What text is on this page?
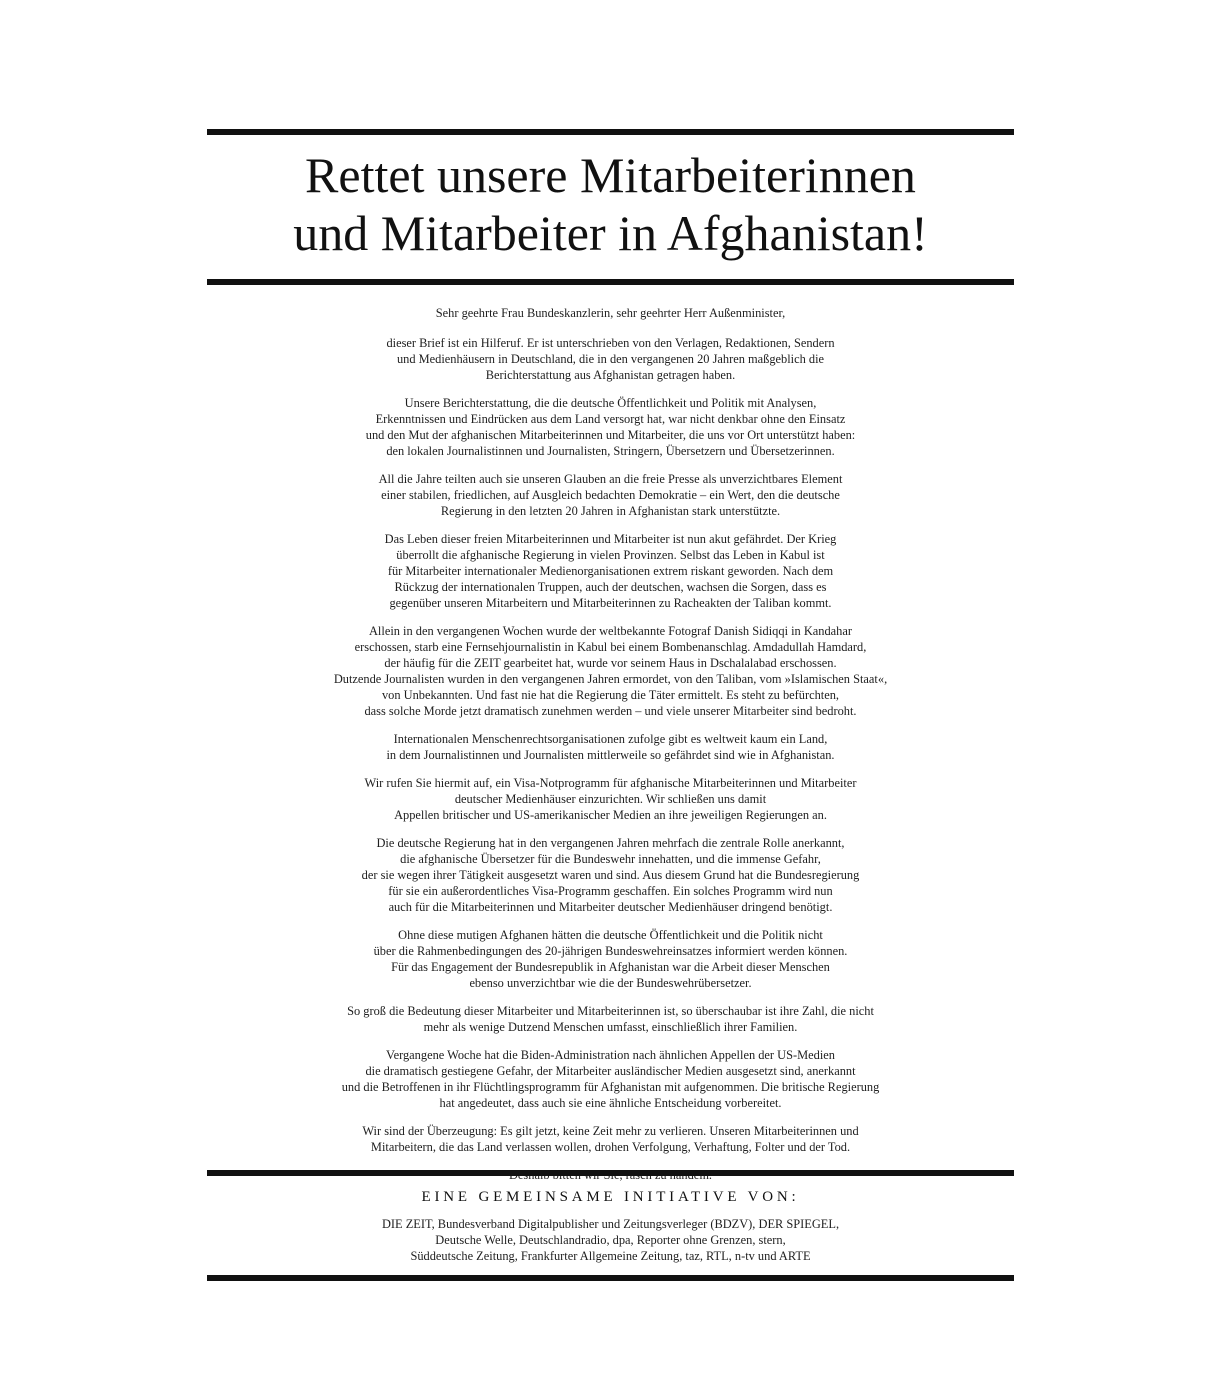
Rettet unsere Mitarbeiterinnen
und Mitarbeiter in Afghanistan!

Sehr geehrte Frau Bundeskanzlerin, sehr geehrter Herr Außenminister,

dieser Brief ist ein Hilferuf. Er ist unterschrieben von den Verlagen, Redaktionen, Sendern
und Medienhäusern in Deutschland, die in den vergangenen 20 Jahren maßgeblich die
Berichterstattung aus Afghanistan getragen haben.

Unsere Berichterstattung, die die deutsche Öffentlichkeit und Politik mit Analysen,
Erkenntnissen und Eindrücken aus dem Land versorgt hat, war nicht denkbar ohne den Einsatz
und den Mut der afghanischen Mitarbeiterinnen und Mitarbeiter, die uns vor Ort unterstützt haben:
den lokalen Journalistinnen und Journalisten, Stringern, Übersetzern und Übersetzerinnen.

All die Jahre teilten auch sie unseren Glauben an die freie Presse als unverzichtbares Element
einer stabilen, friedlichen, auf Ausgleich bedachten Demokratie – ein Wert, den die deutsche
Regierung in den letzten 20 Jahren in Afghanistan stark unterstützte.

Das Leben dieser freien Mitarbeiterinnen und Mitarbeiter ist nun akut gefährdet. Der Krieg
überrollt die afghanische Regierung in vielen Provinzen. Selbst das Leben in Kabul ist
für Mitarbeiter internationaler Medienorganisationen extrem riskant geworden. Nach dem
Rückzug der internationalen Truppen, auch der deutschen, wachsen die Sorgen, dass es
gegenüber unseren Mitarbeitern und Mitarbeiterinnen zu Racheakten der Taliban kommt.

Allein in den vergangenen Wochen wurde der weltbekannte Fotograf Danish Sidiqqi in Kandahar
erschossen, starb eine Fernsehjournalistin in Kabul bei einem Bombenanschlag. Amdadullah Hamdard,
der häufig für die ZEIT gearbeitet hat, wurde vor seinem Haus in Dschalalabad erschossen.
Dutzende Journalisten wurden in den vergangenen Jahren ermordet, von den Taliban, vom »Islamischen Staat«,
von Unbekannten. Und fast nie hat die Regierung die Täter ermittelt. Es steht zu befürchten,
dass solche Morde jetzt dramatisch zunehmen werden – und viele unserer Mitarbeiter sind bedroht.

Internationalen Menschenrechtsorganisationen zufolge gibt es weltweit kaum ein Land,
in dem Journalistinnen und Journalisten mittlerweile so gefährdet sind wie in Afghanistan.

Wir rufen Sie hiermit auf, ein Visa-Notprogramm für afghanische Mitarbeiterinnen und Mitarbeiter
deutscher Medienhäuser einzurichten. Wir schließen uns damit
Appellen britischer und US-amerikanischer Medien an ihre jeweiligen Regierungen an.

Die deutsche Regierung hat in den vergangenen Jahren mehrfach die zentrale Rolle anerkannt,
die afghanische Übersetzer für die Bundeswehr innehatten, und die immense Gefahr,
der sie wegen ihrer Tätigkeit ausgesetzt waren und sind. Aus diesem Grund hat die Bundesregierung
für sie ein außerordentliches Visa-Programm geschaffen. Ein solches Programm wird nun
auch für die Mitarbeiterinnen und Mitarbeiter deutscher Medienhäuser dringend benötigt.

Ohne diese mutigen Afghanen hätten die deutsche Öffentlichkeit und die Politik nicht
über die Rahmenbedingungen des 20-jährigen Bundeswehreinsatzes informiert werden können.
Für das Engagement der Bundesrepublik in Afghanistan war die Arbeit dieser Menschen
ebenso unverzichtbar wie die der Bundeswehrübersetzer.

So groß die Bedeutung dieser Mitarbeiter und Mitarbeiterinnen ist, so überschaubar ist ihre Zahl, die nicht
mehr als wenige Dutzend Menschen umfasst, einschließlich ihrer Familien.

Vergangene Woche hat die Biden-Administration nach ähnlichen Appellen der US-Medien
die dramatisch gestiegene Gefahr, der Mitarbeiter ausländischer Medien ausgesetzt sind, anerkannt
und die Betroffenen in ihr Flüchtlingsprogramm für Afghanistan mit aufgenommen. Die britische Regierung
hat angedeutet, dass auch sie eine ähnliche Entscheidung vorbereitet.

Wir sind der Überzeugung: Es gilt jetzt, keine Zeit mehr zu verlieren. Unseren Mitarbeiterinnen und
Mitarbeitern, die das Land verlassen wollen, drohen Verfolgung, Verhaftung, Folter und der Tod.

EINE GEMEINSAME INITIATIVE VON:
DIE ZEIT, Bundesverband Digitalpublisher und Zeitungsverleger (BDZV), DER SPIEGEL,
Deutsche Welle, Deutschlandradio, dpa, Reporter ohne Grenzen, stern,
Süddeutsche Zeitung, Frankfurter Allgemeine Zeitung, taz, RTL, n-tv und ARTE
